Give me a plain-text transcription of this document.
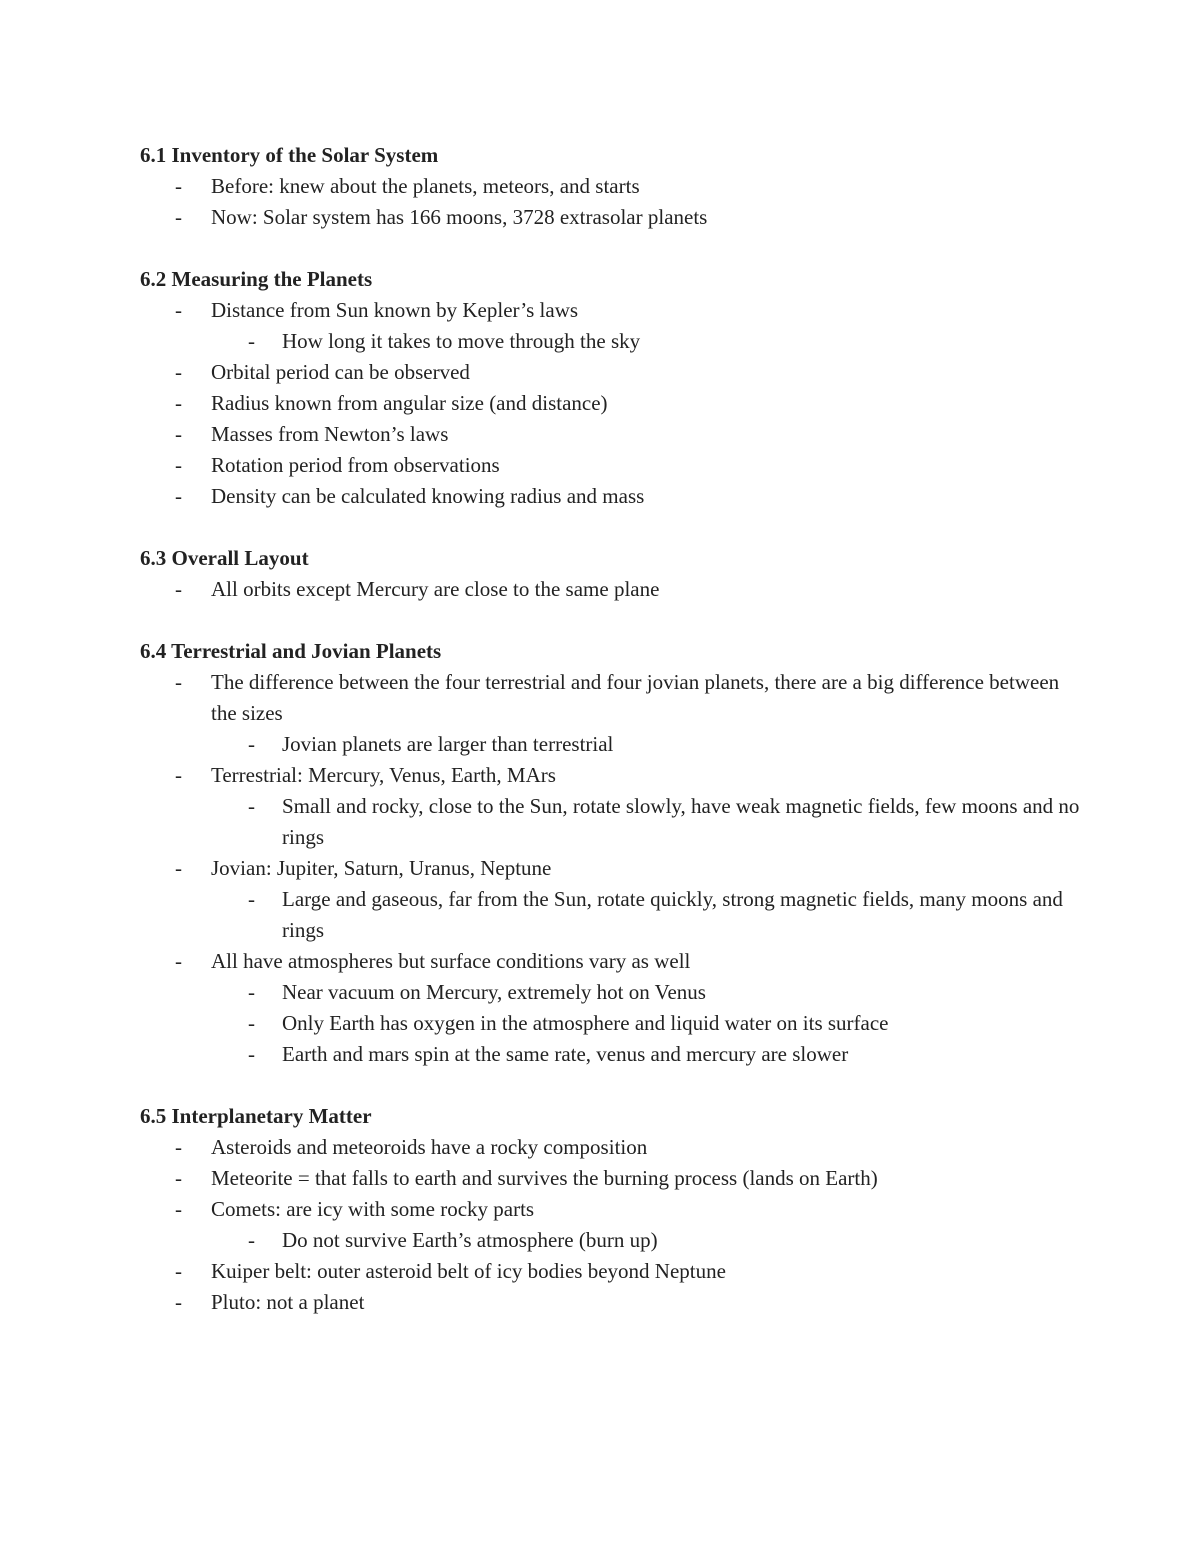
6.1 Inventory of the Solar System
- Before: knew about the planets, meteors, and starts
- Now: Solar system has 166 moons, 3728 extrasolar planets
6.2 Measuring the Planets
- Distance from Sun known by Kepler’s laws
- How long it takes to move through the sky
- Orbital period can be observed
- Radius known from angular size (and distance)
- Masses from Newton’s laws
- Rotation period from observations
- Density can be calculated knowing radius and mass
6.3 Overall Layout
- All orbits except Mercury are close to the same plane
6.4 Terrestrial and Jovian Planets
- The difference between the four terrestrial and four jovian planets, there are a big difference between the sizes
- Jovian planets are larger than terrestrial
- Terrestrial: Mercury, Venus, Earth, MArs
- Small and rocky, close to the Sun, rotate slowly, have weak magnetic fields, few moons and no rings
- Jovian: Jupiter, Saturn, Uranus, Neptune
- Large and gaseous, far from the Sun, rotate quickly, strong magnetic fields, many moons and rings
- All have atmospheres but surface conditions vary as well
- Near vacuum on Mercury, extremely hot on Venus
- Only Earth has oxygen in the atmosphere and liquid water on its surface
- Earth and mars spin at the same rate, venus and mercury are slower
6.5 Interplanetary Matter
- Asteroids and meteoroids have a rocky composition
- Meteorite = that falls to earth and survives the burning process (lands on Earth)
- Comets: are icy with some rocky parts
- Do not survive Earth’s atmosphere (burn up)
- Kuiper belt: outer asteroid belt of icy bodies beyond Neptune
- Pluto: not a planet
